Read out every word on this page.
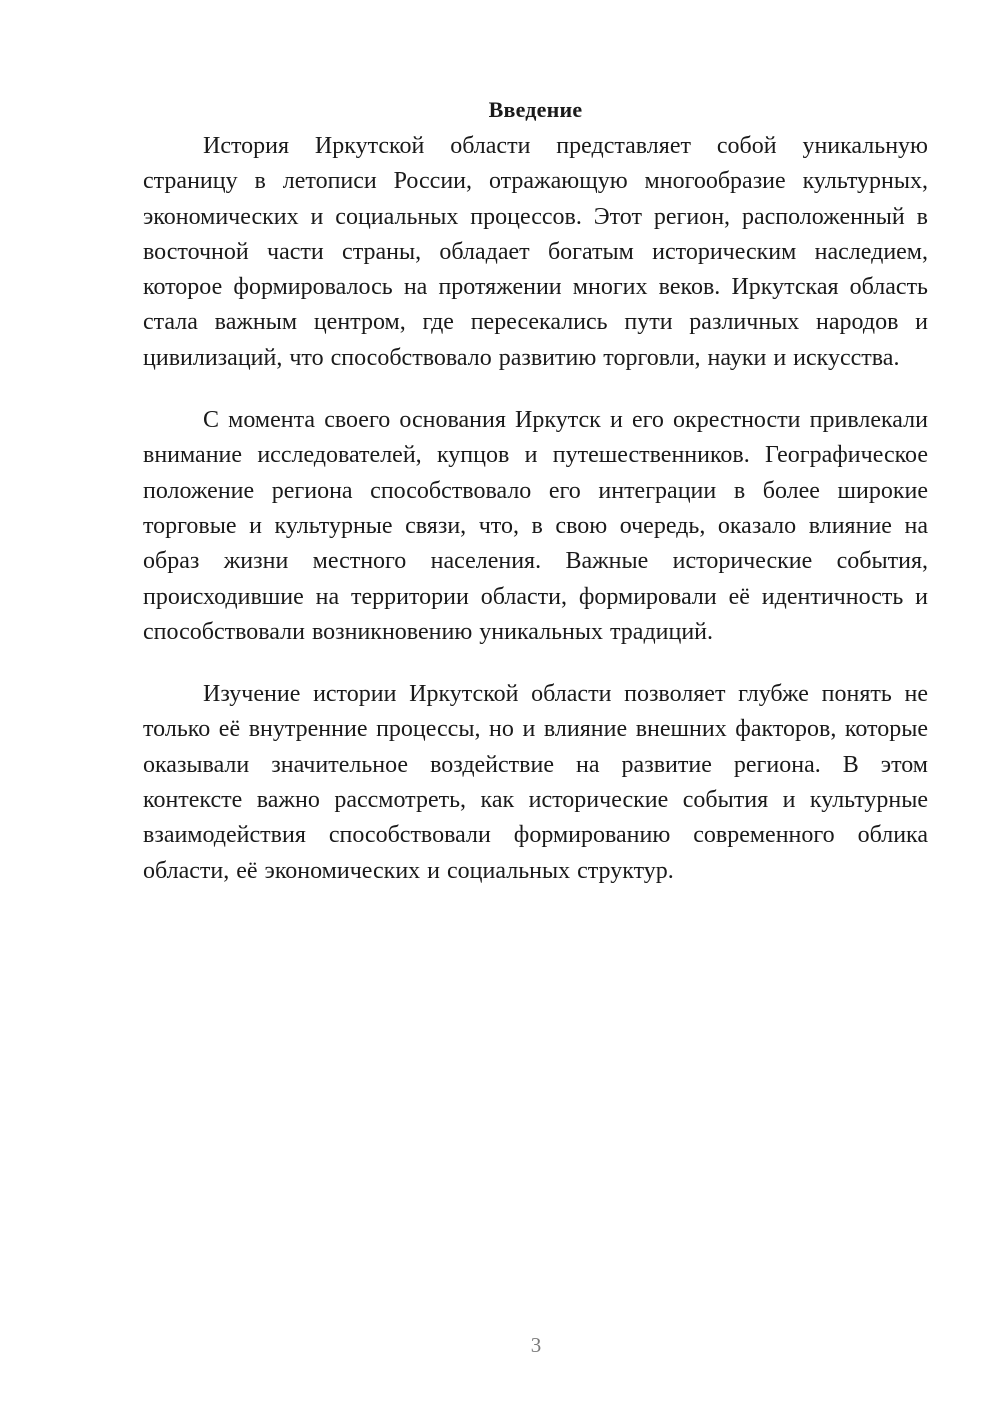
Введение

История Иркутской области представляет собой уникальную страницу в летописи России, отражающую многообразие культурных, экономических и социальных процессов. Этот регион, расположенный в восточной части страны, обладает богатым историческим наследием, которое формировалось на протяжении многих веков. Иркутская область стала важным центром, где пересекались пути различных народов и цивилизаций, что способствовало развитию торговли, науки и искусства.

С момента своего основания Иркутск и его окрестности привлекали внимание исследователей, купцов и путешественников. Географическое положение региона способствовало его интеграции в более широкие торговые и культурные связи, что, в свою очередь, оказало влияние на образ жизни местного населения. Важные исторические события, происходившие на территории области, формировали её идентичность и способствовали возникновению уникальных традиций.

Изучение истории Иркутской области позволяет глубже понять не только её внутренние процессы, но и влияние внешних факторов, которые оказывали значительное воздействие на развитие региона. В этом контексте важно рассмотреть, как исторические события и культурные взаимодействия способствовали формированию современного облика области, её экономических и социальных структур.

3
